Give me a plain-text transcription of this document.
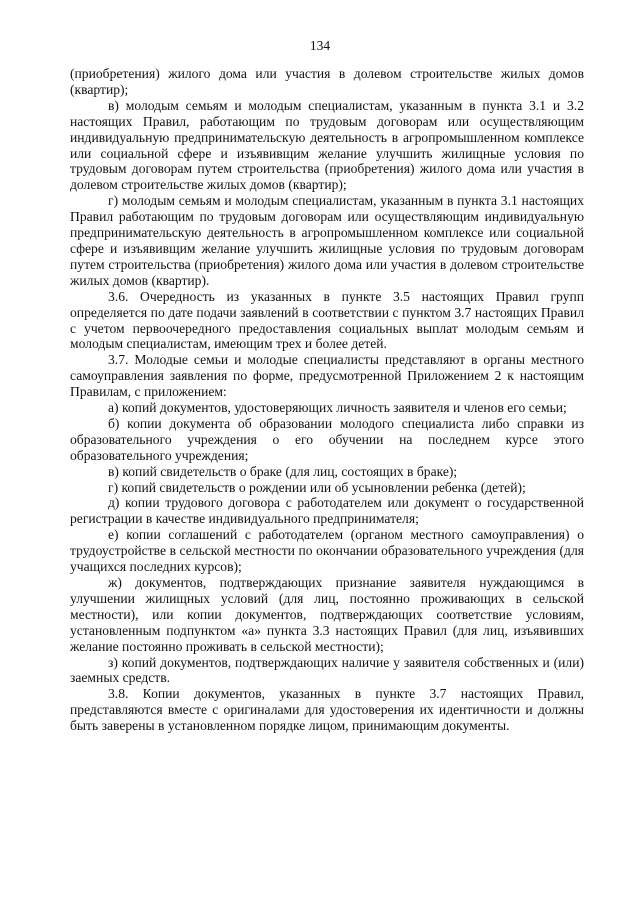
134

(приобретения) жилого дома или участия в долевом строительстве жилых домов (квартир);

в) молодым семьям и молодым специалистам, указанным в пункта 3.1 и 3.2 настоящих Правил, работающим по трудовым договорам или осуществляющим индивидуальную предпринимательскую деятельность в агропромышленном комплексе или социальной сфере и изъявивщим желание улучшить жилищные условия по трудовым договорам путем строительства (приобретения) жилого дома или участия в долевом строительстве жилых домов (квартир);

г) молодым семьям и молодым специалистам, указанным в пункта 3.1 настоящих Правил работающим по трудовым договорам или осуществляющим индивидуальную предпринимательскую деятельность в агропромышленном комплексе или социальной сфере и изъявивщим желание улучшить жилищные условия по трудовым договорам путем строительства (приобретения) жилого дома или участия в долевом строительстве жилых домов (квартир).

3.6. Очередность из указанных в пункте 3.5 настоящих Правил групп определяется по дате подачи заявлений в соответствии с пунктом 3.7 настоящих Правил с учетом первоочередного предоставления социальных выплат молодым семьям и молодым специалистам, имеющим трех и более детей.

3.7. Молодые семьи и молодые специалисты представляют в органы местного самоуправления заявления по форме, предусмотренной Приложением 2 к настоящим Правилам, с приложением:

а) копий документов, удостоверяющих личность заявителя и членов его семьи;

б) копии документа об образовании молодого специалиста либо справки из образовательного учреждения о его обучении на последнем курсе этого образовательного учреждения;

в) копий свидетельств о браке (для лиц, состоящих в браке);

г) копий свидетельств о рождении или об усыновлении ребенка (детей);

д) копии трудового договора с работодателем или документ о государственной регистрации в качестве индивидуального предпринимателя;

е) копии соглашений с работодателем (органом местного самоуправления) о трудоустройстве в сельской местности по окончании образовательного учреждения (для учащихся последних курсов);

ж) документов, подтверждающих признание заявителя нуждающимся в улучшении жилищных условий (для лиц, постоянно проживающих в сельской местности), или копии документов, подтверждающих соответствие условиям, установленным подпунктом «а» пункта 3.3 настоящих Правил (для лиц, изъявивших желание постоянно проживать в сельской местности);

з) копий документов, подтверждающих наличие у заявителя собственных и (или) заемных средств.

3.8. Копии документов, указанных в пункте 3.7 настоящих Правил, представляются вместе с оригиналами для удостоверения их идентичности и должны быть заверены в установленном порядке лицом, принимающим документы.
